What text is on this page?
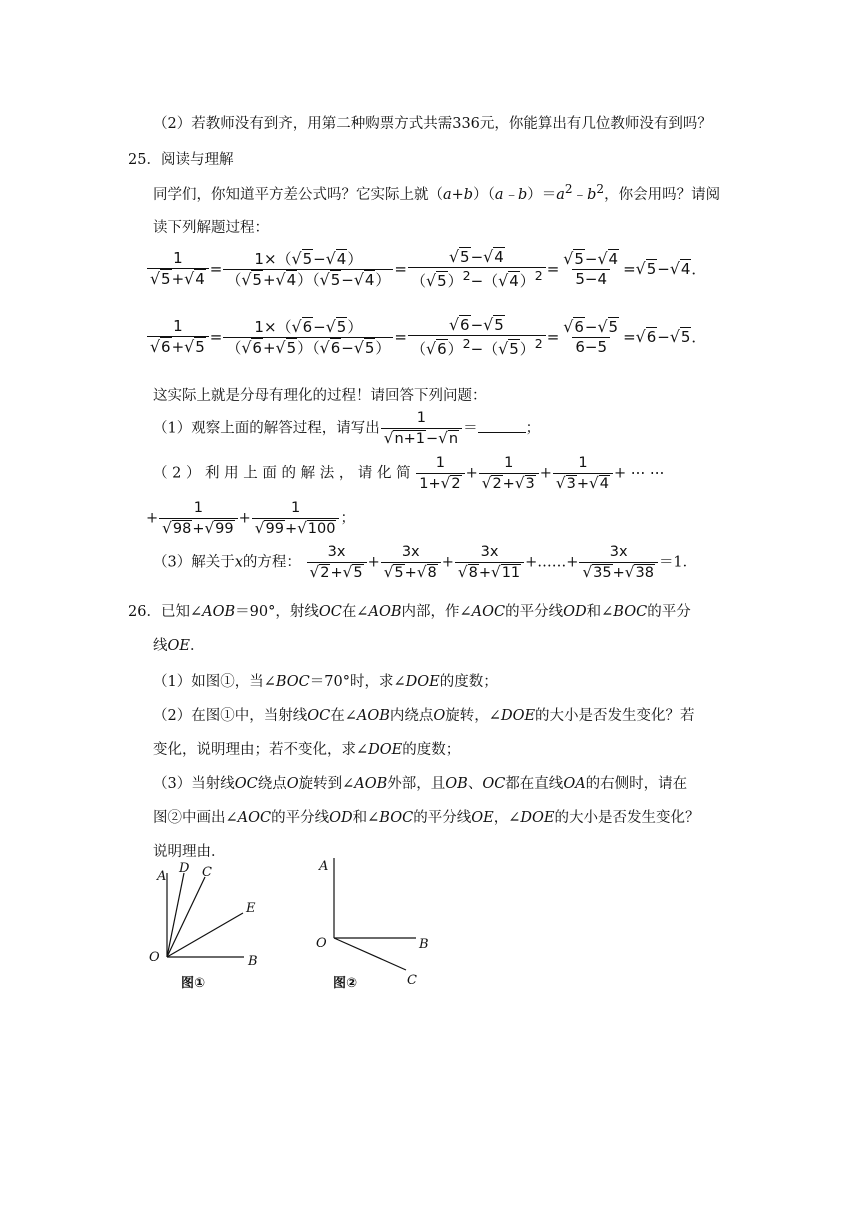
（2）若教师没有到齐，用第二种购票方式共需336元，你能算出有几位教师没有到吗？
25．阅读与理解
同学们，你知道平方差公式吗？它实际上就$(a+b)(a﹣b)=a^2﹣b^2$，你会用吗？请阅
读下列解题过程：
$\frac{1}{√5+√4} = \frac{1\times(√5-√4)}{(√5+√4)(√5-√4)} = \frac{√5-√4}{(√5)^2-(√4)^2} = \frac{√5-√4}{5-4} =√5-√4$．
$\frac{1}{√6+√5} = \frac{1\times(√6-√5)}{(√6+√5)(√6-√5)} = \frac{√6-√5}{(√6)^2-(√5)^2} = \frac{√6-√5}{6-5} =√6-√5$．
这实际上就是分母有理化的过程！请回答下列问题：
（1）观察上面的解答过程，请写出 $\frac{1}{√n+1-√n}$ ＝	；
（ 2 ） 利 用 上 面 的 解 法 ， 请 化 简 $\frac{1}{1+√2} + \frac{1}{√2+√3} + \frac{1}{√3+√4}$ + ⋯ ⋯
+ $\frac{1}{√98+√99} + \frac{1}{√99+√100}$ ；
（3）解关于x的方程： $\frac{3x}{√2+√5} + \frac{3x}{√5+√8} + \frac{3x}{√8+√11}$ +……+ $\frac{3x}{√35+√38} =1$．
26．已知∠AOB＝90°，射线OC在∠AOB内部，作∠AOC的平分线OD和∠BOC的平分
线OE．
（1）如图①，当∠BOC＝70°时，求∠DOE的度数；
（2）在图①中，当射线OC在∠AOB内绕点O旋转，∠DOE的大小是否发生变化？若
变化，说明理由；若不变化，求∠DOE的度数；
（3）当射线OC绕点O旋转到∠AOB外部，且OB、OC都在直线OA的右侧时，请在
图②中画出∠AOC的平分线OD和∠BOC的平分线OE，∠DOE的大小是否发生变化？
说明理由．
A
D C
E
O	B
图①
A
O	B
C
图②
